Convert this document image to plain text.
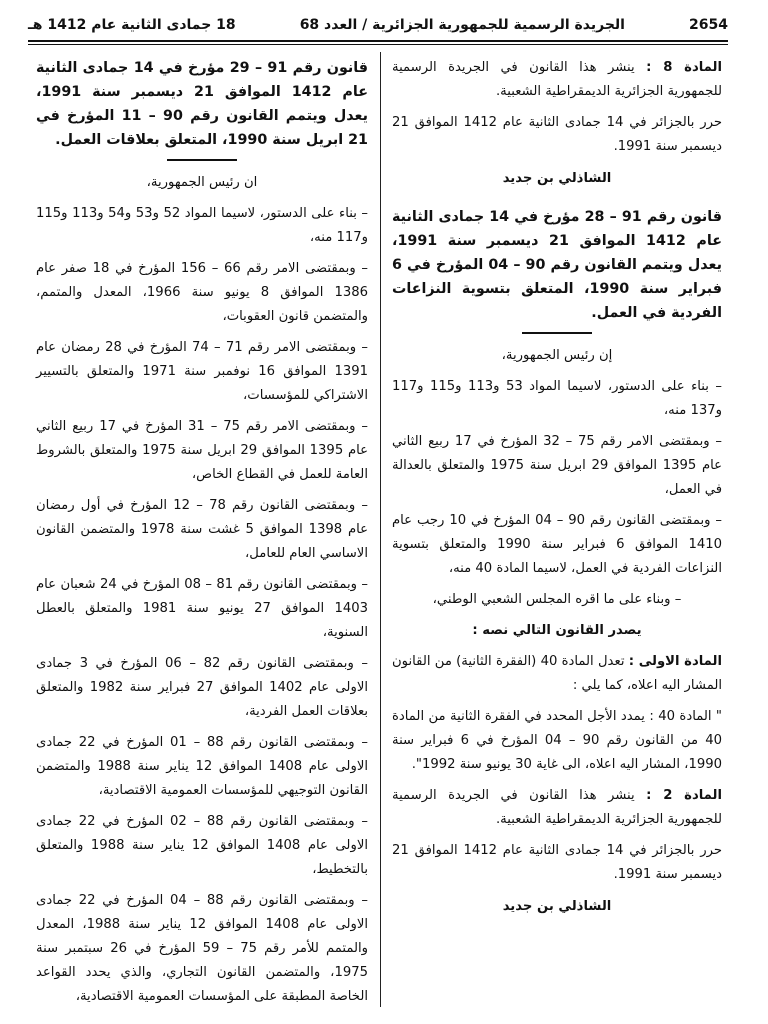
2654
الجريدة الرسمية للجمهورية الجزائرية / العدد 68
18 جمادى الثانية عام 1412 هـ

المادة 8 : ينشر هذا القانون في الجريدة الرسمية للجمهورية الجزائرية الديمقراطية الشعبية.

حرر بالجزائر في 14 جمادى الثانية عام 1412 الموافق 21 ديسمبر سنة 1991.

الشاذلي بن جديد

قانون رقم 91 – 28 مؤرخ في 14 جمادى الثانية عام 1412 الموافق 21 ديسمبر سنة 1991، يعدل ويتمم القانون رقم 90 – 04 المؤرخ في 6 فبراير سنة 1990، المتعلق بتسوية النزاعات الفردية في العمل.

إن رئيس الجمهورية،

– بناء على الدستور، لاسيما المواد 53 و113 و115 و117 و137 منه،

– وبمقتضى الامر رقم 75 – 32 المؤرخ في 17 ربيع الثاني عام 1395 الموافق 29 ابريل سنة 1975 والمتعلق بالعدالة في العمل،

– وبمقتضى القانون رقم 90 – 04 المؤرخ في 10 رجب عام 1410 الموافق 6 فبراير سنة 1990 والمتعلق بتسوية النزاعات الفردية في العمل، لاسيما المادة 40 منه،

– وبناء على ما اقره المجلس الشعبي الوطني،

يصدر القانون التالي نصه :

المادة الاولى : تعدل المادة 40 (الفقرة الثانية) من القانون المشار اليه اعلاه، كما يلي :

" المادة 40 : يمدد الأجل المحدد في الفقرة الثانية من المادة 40 من القانون رقم 90 – 04 المؤرخ في 6 فبراير سنة 1990، المشار اليه اعلاه، الى غاية 30 يونيو سنة 1992".

المادة 2 : ينشر هذا القانون في الجريدة الرسمية للجمهورية الجزائرية الديمقراطية الشعبية.

حرر بالجزائر في 14 جمادى الثانية عام 1412 الموافق 21 ديسمبر سنة 1991.

الشاذلي بن جديد

قانون رقم 91 – 29 مؤرخ في 14 جمادى الثانية عام 1412 الموافق 21 ديسمبر سنة 1991، يعدل ويتمم القانون رقم 90 – 11 المؤرخ في 21 ابريل سنة 1990، المتعلق بعلاقات العمل.

ان رئيس الجمهورية،

– بناء على الدستور، لاسيما المواد 52 و53 و54 و113 و115 و117 منه،

– وبمقتضى الامر رقم 66 – 156 المؤرخ في 18 صفر عام 1386 الموافق 8 يونيو سنة 1966، المعدل والمتمم، والمتضمن قانون العقوبات،

– وبمقتضى الامر رقم 71 – 74 المؤرخ في 28 رمضان عام 1391 الموافق 16 نوفمبر سنة 1971 والمتعلق بالتسيير الاشتراكي للمؤسسات،

– وبمقتضى الامر رقم 75 – 31 المؤرخ في 17 ربيع الثاني عام 1395 الموافق 29 ابريل سنة 1975 والمتعلق بالشروط العامة للعمل في القطاع الخاص،

– وبمقتضى القانون رقم 78 – 12 المؤرخ في أول رمضان عام 1398 الموافق 5 غشت سنة 1978 والمتضمن القانون الاساسي العام للعامل،

– وبمقتضى القانون رقم 81 – 08 المؤرخ في 24 شعبان عام 1403 الموافق 27 يونيو سنة 1981 والمتعلق بالعطل السنوية،

– وبمقتضى القانون رقم 82 – 06 المؤرخ في 3 جمادى الاولى عام 1402 الموافق 27 فبراير سنة 1982 والمتعلق بعلاقات العمل الفردية،

– وبمقتضى القانون رقم 88 – 01 المؤرخ في 22 جمادى الاولى عام 1408 الموافق 12 يناير سنة 1988 والمتضمن القانون التوجيهي للمؤسسات العمومية الاقتصادية،

– وبمقتضى القانون رقم 88 – 02 المؤرخ في 22 جمادى الاولى عام 1408 الموافق 12 يناير سنة 1988 والمتعلق بالتخطيط،

– وبمقتضى القانون رقم 88 – 04 المؤرخ في 22 جمادى الاولى عام 1408 الموافق 12 يناير سنة 1988، المعدل والمتمم للأمر رقم 75 – 59 المؤرخ في 26 سبتمبر سنة 1975، والمتضمن القانون التجاري، والذي يحدد القواعد الخاصة المطبقة على المؤسسات العمومية الاقتصادية،
